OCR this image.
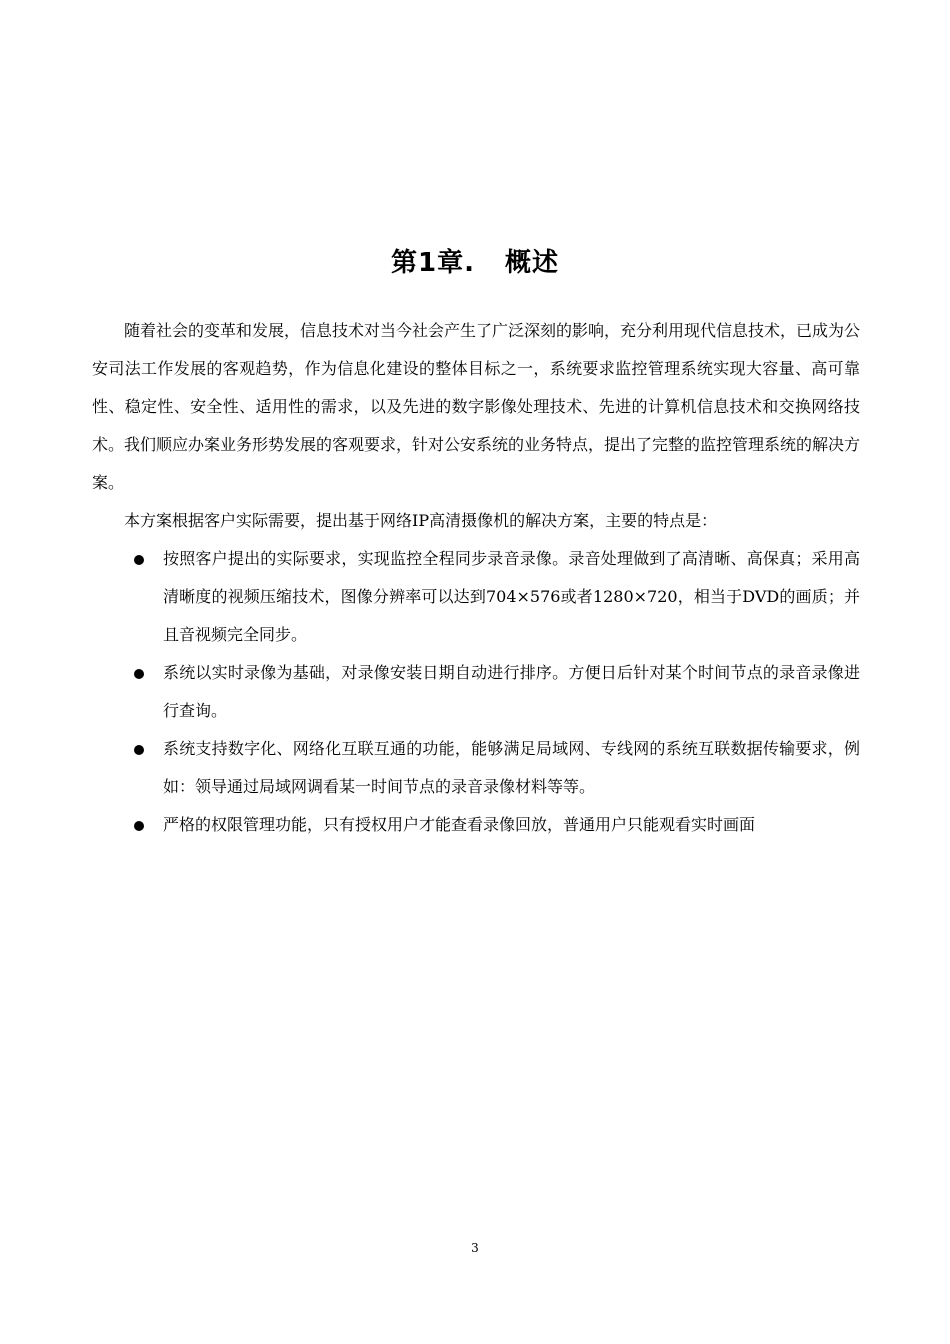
第1章. 概述

随着社会的变革和发展，信息技术对当今社会产生了广泛深刻的影响，充分利用现代信息技术，已成为公安司法工作发展的客观趋势，作为信息化建设的整体目标之一，系统要求监控管理系统实现大容量、高可靠性、稳定性、安全性、适用性的需求，以及先进的数字影像处理技术、先进的计算机信息技术和交换网络技术。我们顺应办案业务形势发展的客观要求，针对公安系统的业务特点，提出了完整的监控管理系统的解决方案。

本方案根据客户实际需要，提出基于网络IP高清摄像机的解决方案，主要的特点是：

按照客户提出的实际要求，实现监控全程同步录音录像。录音处理做到了高清晰、高保真；采用高清晰度的视频压缩技术，图像分辨率可以达到704×576或者1280×720，相当于DVD的画质；并且音视频完全同步。
系统以实时录像为基础，对录像安装日期自动进行排序。方便日后针对某个时间节点的录音录像进行查询。
系统支持数字化、网络化互联互通的功能，能够满足局域网、专线网的系统互联数据传输要求，例如：领导通过局域网调看某一时间节点的录音录像材料等等。
严格的权限管理功能，只有授权用户才能查看录像回放，普通用户只能观看实时画面
3
